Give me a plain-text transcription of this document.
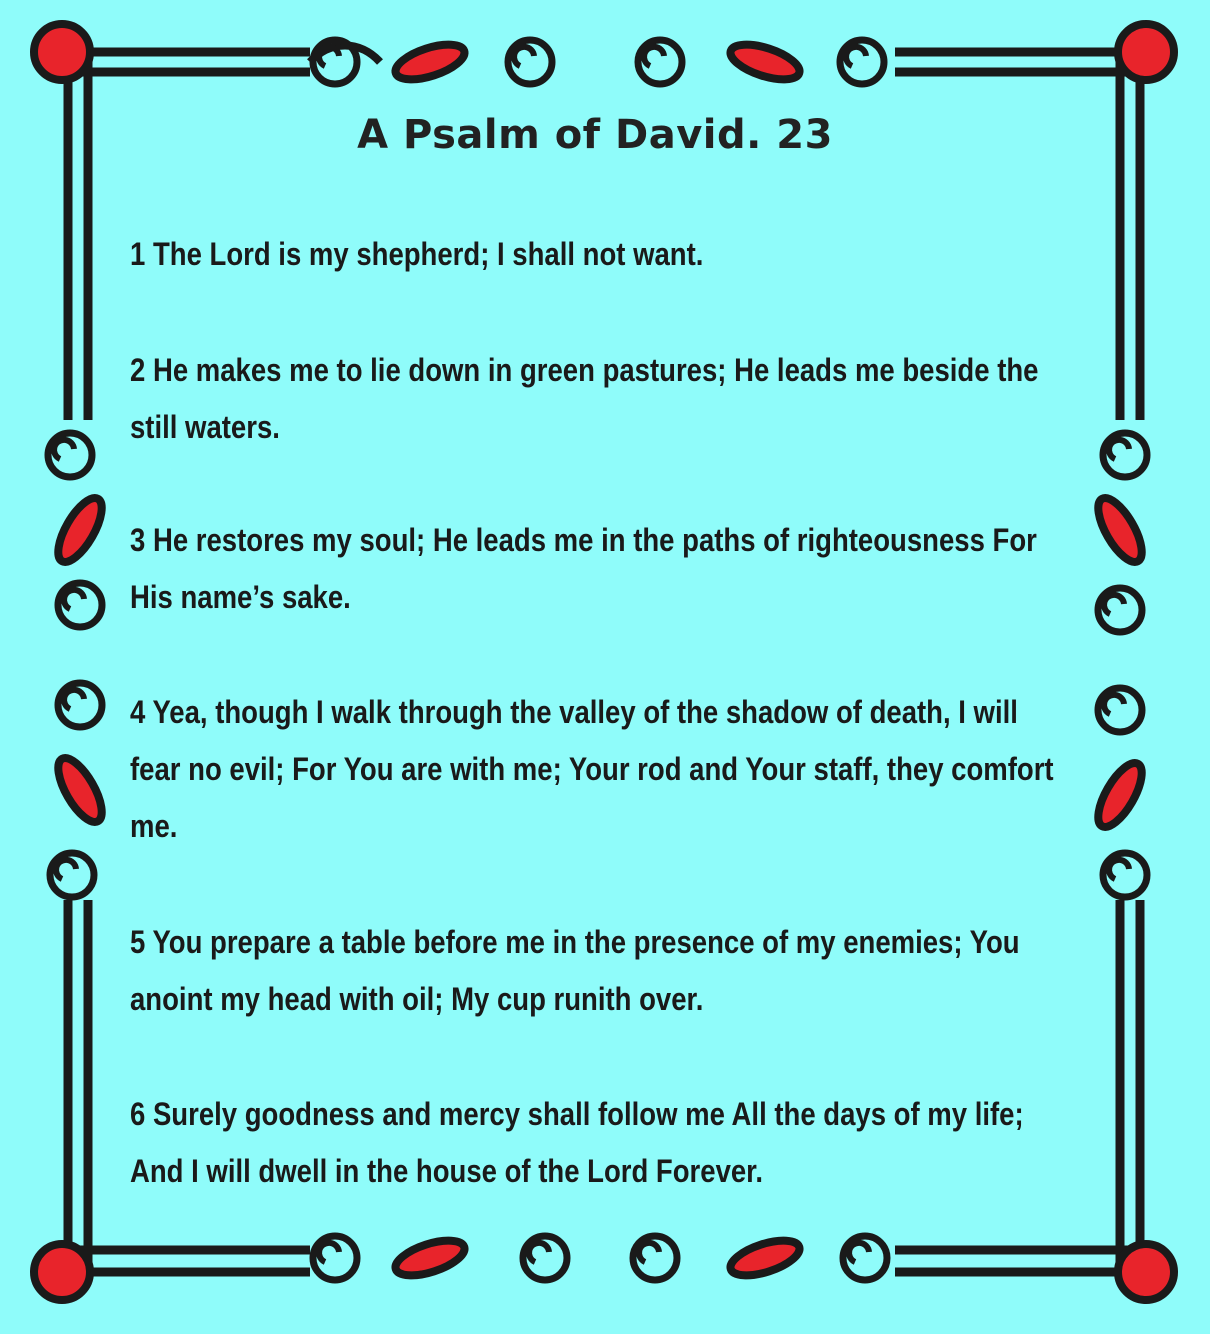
A Psalm of David. 23

1 The Lord is my shepherd; I shall not want.

2 He makes me to lie down in green pastures; He leads me beside the still waters.

3 He restores my soul; He leads me in the paths of righteousness For His name’s sake.

4 Yea, though I walk through the valley of the shadow of death, I will fear no evil; For You are with me; Your rod and Your staff, they comfort me.

5 You prepare a table before me in the presence of my enemies; You anoint my head with oil; My cup runith over.

6 Surely goodness and mercy shall follow me All the days of my life; And I will dwell in the house of the Lord Forever.
